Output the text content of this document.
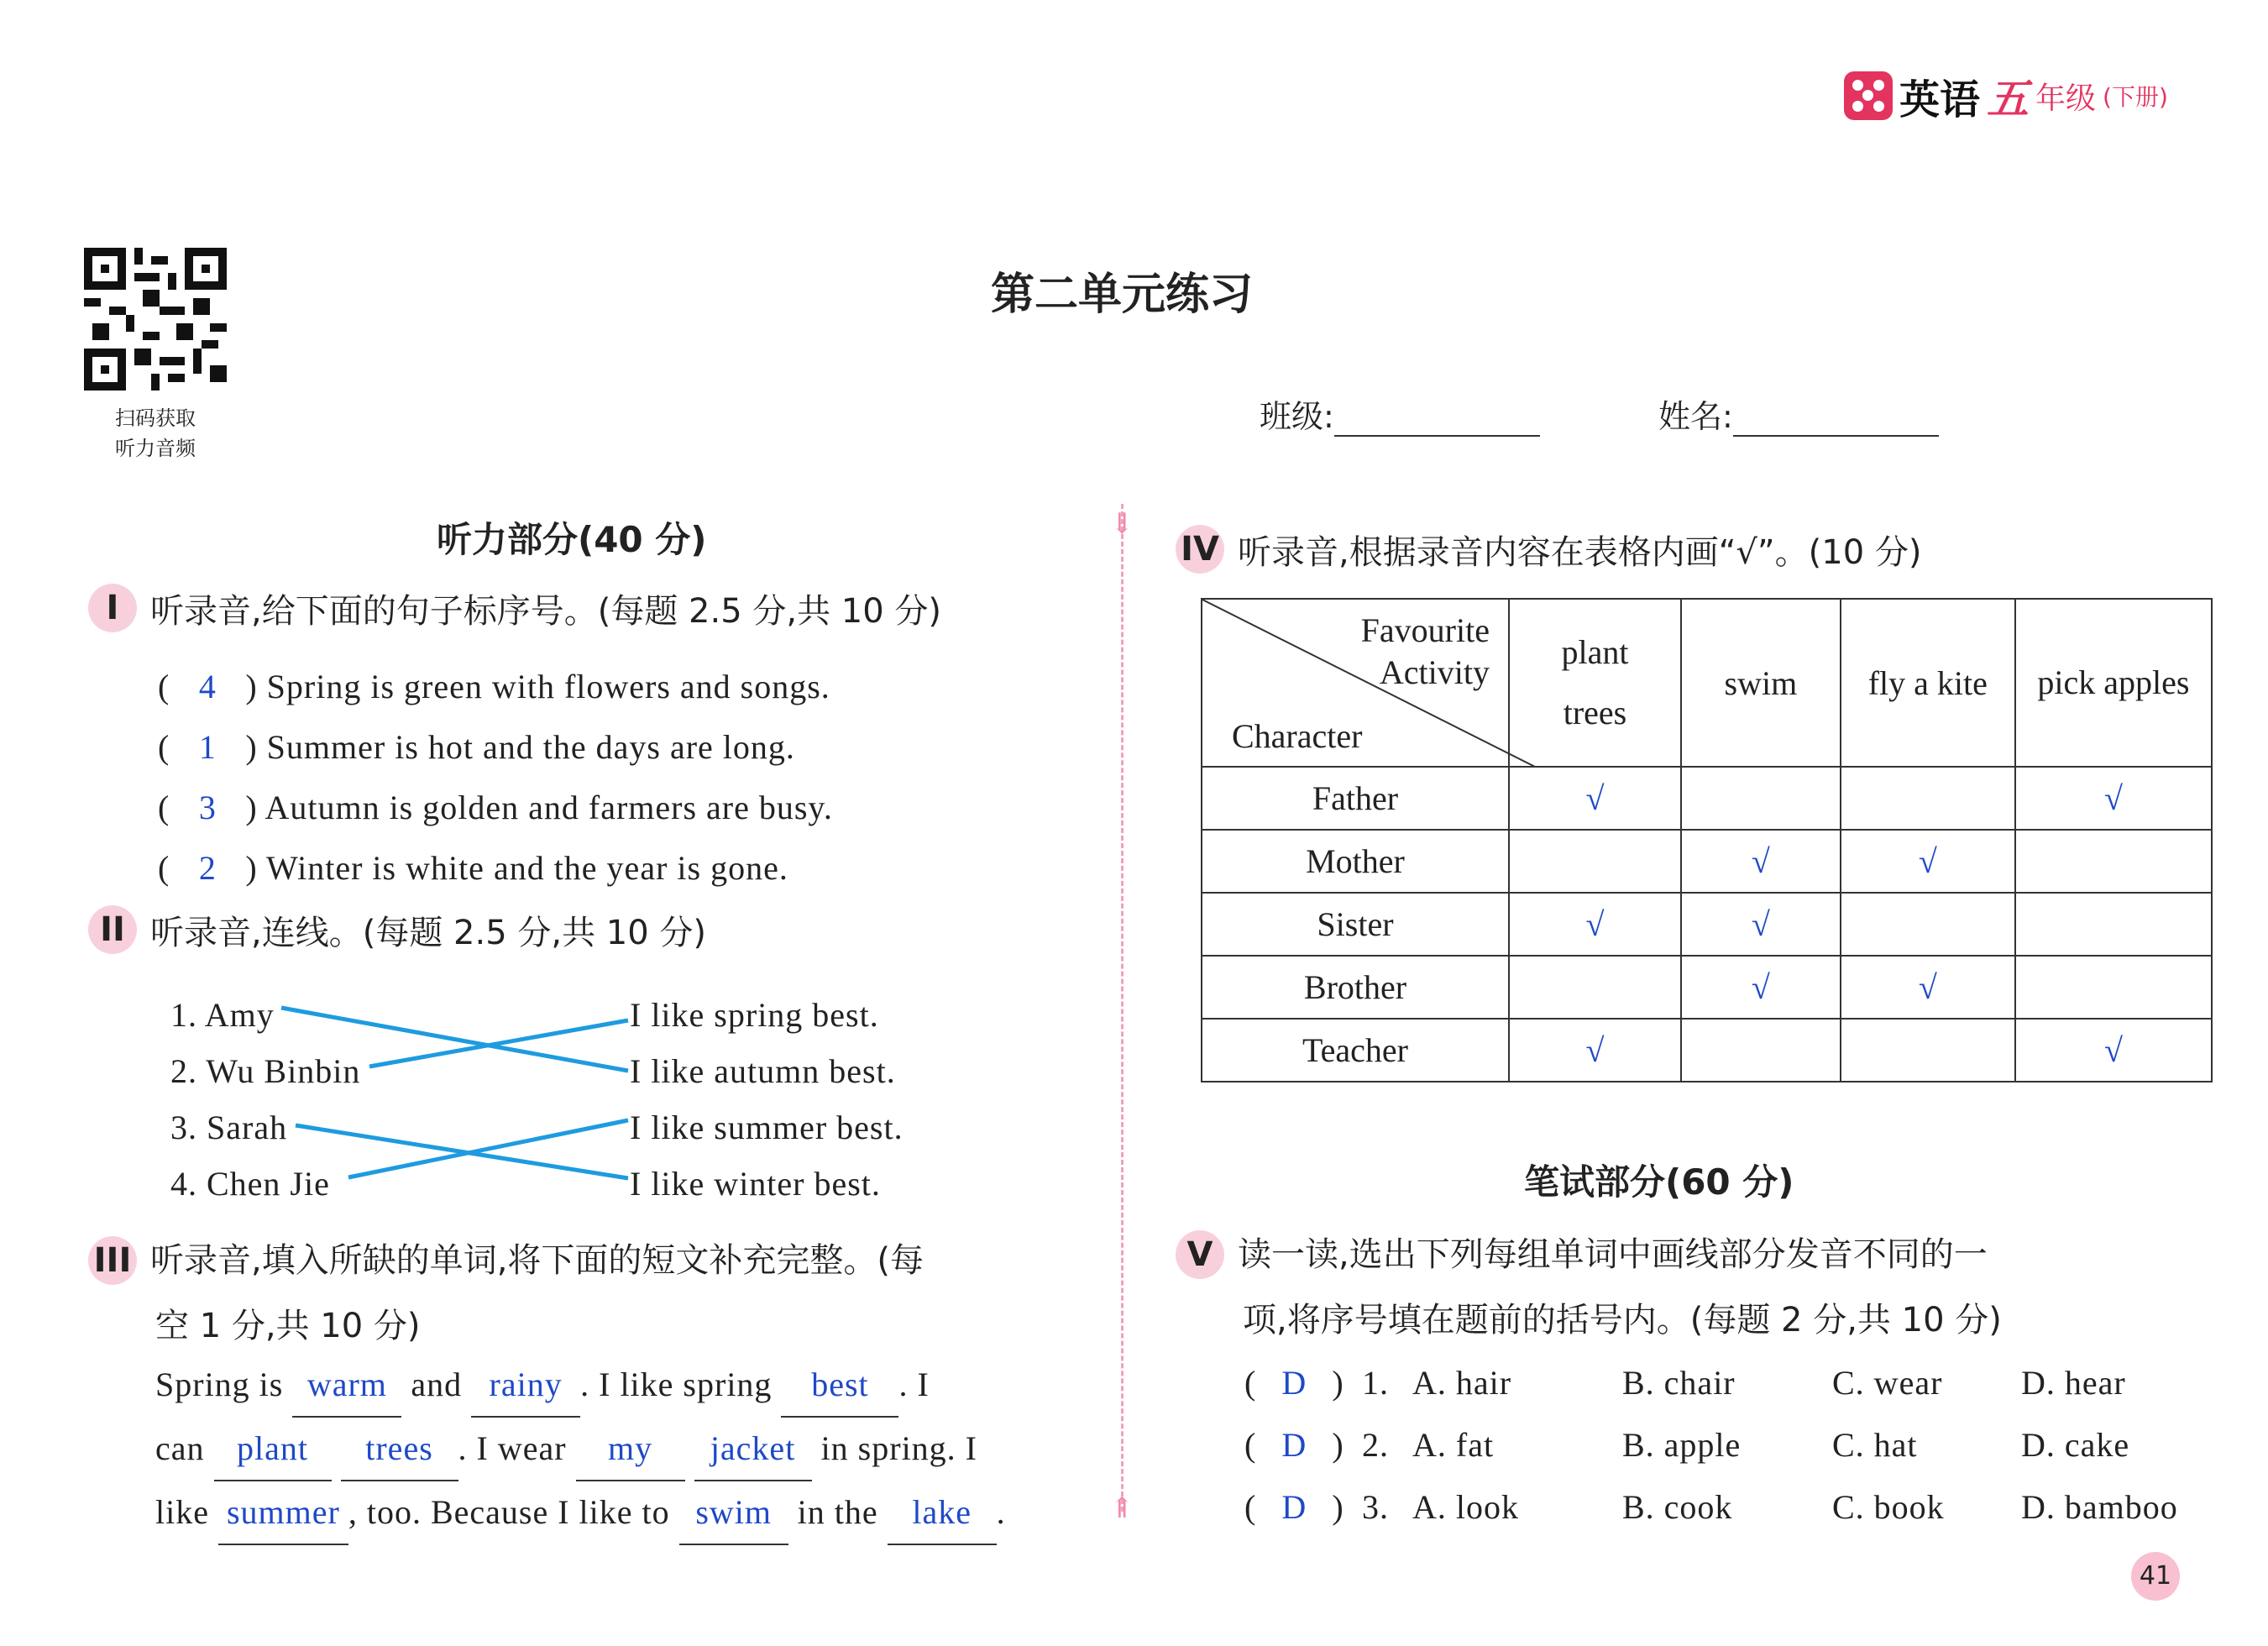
英语 五 年级 (下册)
扫码获取
听力音频
第二单元练习
班级:	姓名:
⇓
⇑
听力部分(40 分)
I 听录音,给下面的句子标序号。(每题 2.5 分,共 10 分)
( 4 ) Spring is green with flowers and songs.
( 1 ) Summer is hot and the days are long.
( 3 ) Autumn is golden and farmers are busy.
( 2 ) Winter is white and the year is gone.
II 听录音,连线。(每题 2.5 分,共 10 分)
1. Amy
2. Wu Binbin
3. Sarah
4. Chen Jie
I like spring best.
I like autumn best.
I like summer best.
I like winter best.
III 听录音,填入所缺的单词,将下面的短文补充完整。(每
空 1 分,共 10 分)
Spring is warm and rainy . I like spring best . I
can plant trees . I wear my jacket in spring. I
like summer , too. Because I like to swim in the lake .
IV 听录音,根据录音内容在表格内画“√”。(10 分)
Favourite
Activity
Character	plant trees	swim	fly a kite	pick apples
Father	√			√
Mother		√	√	
Sister	√	√		
Brother		√	√	
Teacher	√			√
笔试部分(60 分)
V 读一读,选出下列每组单词中画线部分发音不同的一
项,将序号填在题前的括号内。(每题 2 分,共 10 分)
( D ) 1. A. hair	B. chair	C. wear	D. hear
( D ) 2. A. fat	B. apple	C. hat	D. cake
( D ) 3. A. look	B. cook	C. book	D. bamboo
41
